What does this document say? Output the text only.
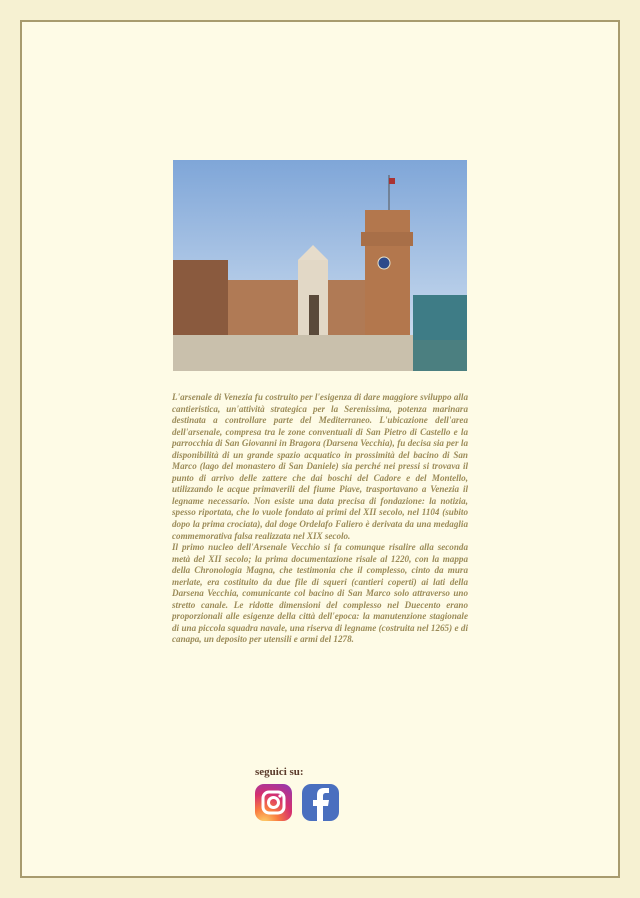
L'arsenale di Venezia fu costruito per l'esigenza di dare maggiore sviluppo alla cantieristica, un'attività strategica per la Serenissima, potenza marinara destinata a controllare parte del Mediterraneo. L'ubicazione dell'area dell'arsenale, compresa tra le zone conventuali di San Pietro di Castello e la parrocchia di San Giovanni in Bragora (Darsena Vecchia), fu decisa sia per la disponibilità di un grande spazio acquatico in prossimità del bacino di San Marco (lago del monastero di San Daniele) sia perché nei pressi si trovava il punto di arrivo delle zattere che dai boschi del Cadore e del Montello, utilizzando le acque primaverili del fiume Piave, trasportavano a Venezia il legname necessario. Non esiste una data precisa di fondazione: la notizia, spesso riportata, che lo vuole fondato ai primi del XII secolo, nel 1104 (subito dopo la prima crociata), dal doge Ordelafo Faliero è derivata da una medaglia commemorativa falsa realizzata nel XIX secolo.

Il primo nucleo dell'Arsenale Vecchio si fa comunque risalire alla seconda metà del XII secolo; la prima documentazione risale al 1220, con la mappa della Chronologia Magna, che testimonia che il complesso, cinto da mura merlate, era costituito da due file di squeri (cantieri coperti) ai lati della Darsena Vecchia, comunicante col bacino di San Marco solo attraverso uno stretto canale. Le ridotte dimensioni del complesso nel Duecento erano proporzionali alle esigenze della città dell'epoca: la manutenzione stagionale di una piccola squadra navale, una riserva di legname (costruita nel 1265) e di canapa, un deposito per utensili e armi del 1278.

seguici su:
